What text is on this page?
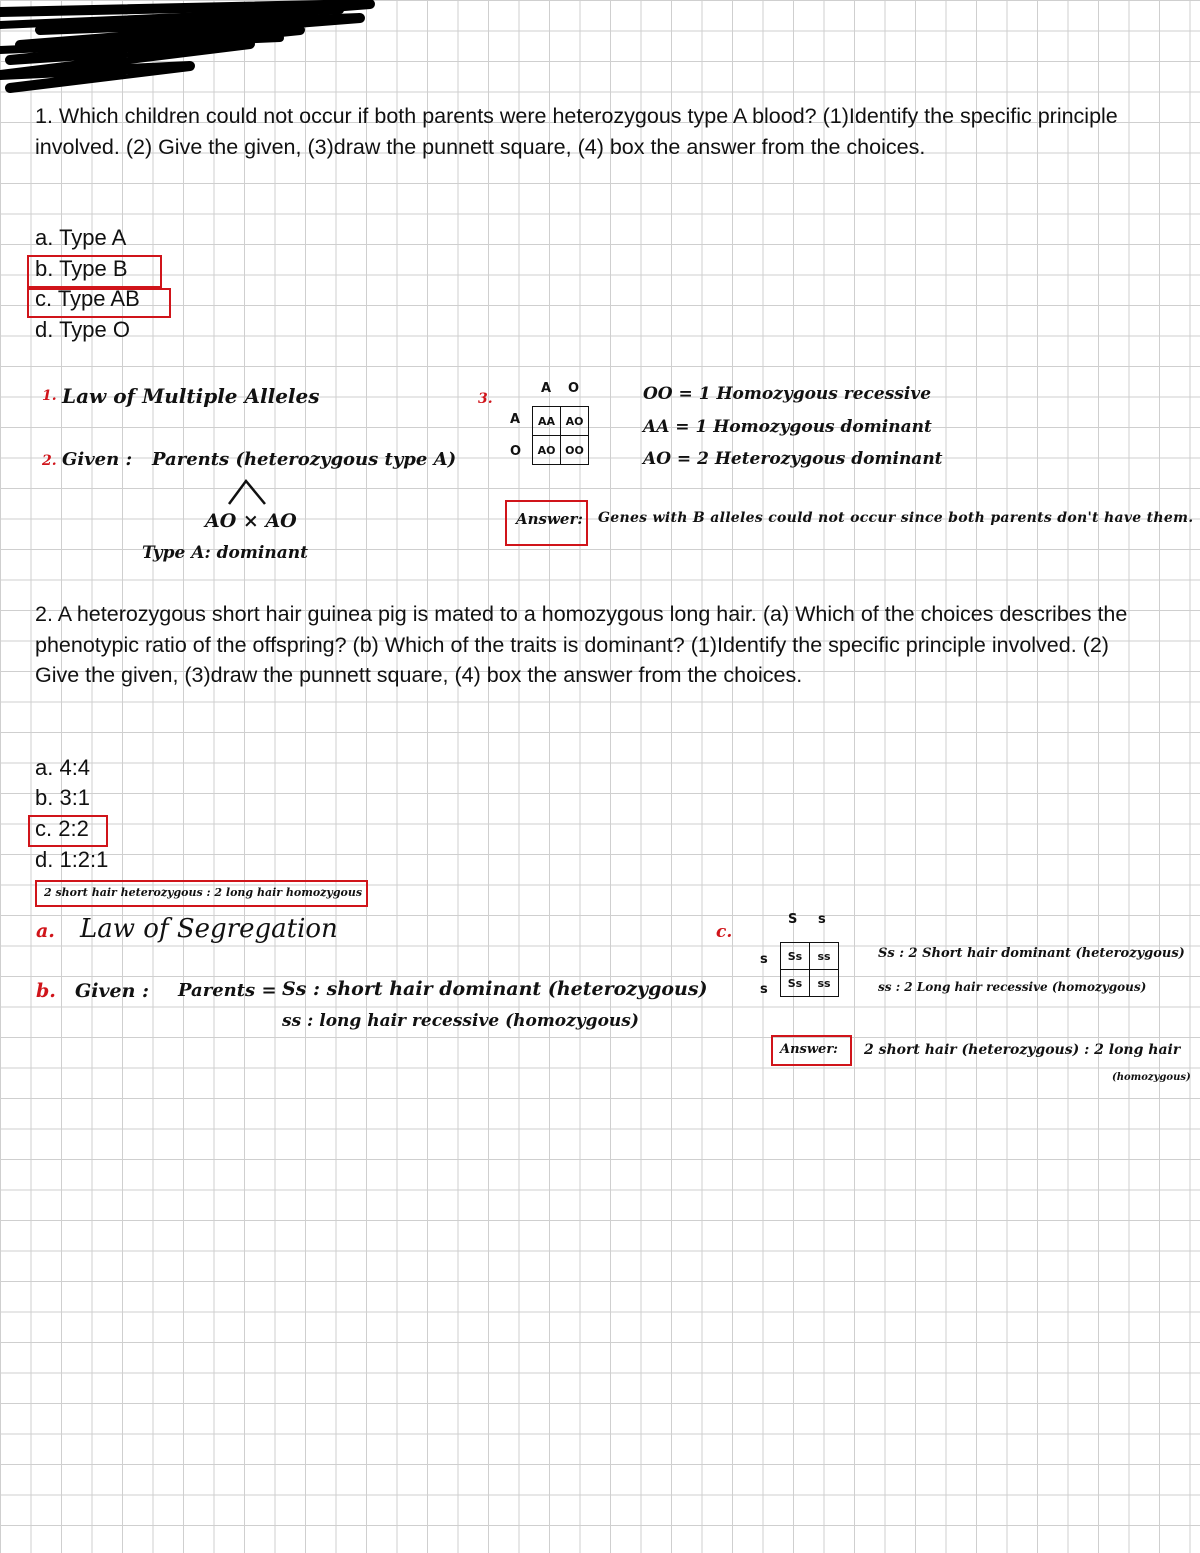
1. Which children could not occur if both parents were heterozygous type A blood? (1)Identify the specific principle involved. (2) Give the given, (3)draw the punnett square, (4) box the answer from the choices.
a. Type A
b. Type B
c. Type AB
d. Type O
1. Law of Multiple Alleles
2. Given : Parents (heterozygous type A)
AO × AO
Type A: dominant
3.
A O
A
O
AA	AO
AO	OO
OO = 1 Homozygous recessive
AA = 1 Homozygous dominant
AO = 2 Heterozygous dominant
Answer: Genes with B alleles could not occur since both parents don't have them.
2. A heterozygous short hair guinea pig is mated to a homozygous long hair. (a) Which of the choices describes the phenotypic ratio of the offspring? (b) Which of the traits is dominant? (1)Identify the specific principle involved. (2) Give the given, (3)draw the punnett square, (4) box the answer from the choices.
a. 4:4
b. 3:1
c. 2:2
d. 1:2:1
2 short hair heterozygous : 2 long hair homozygous
a. Law of Segregation
b. Given : Parents = Ss : short hair dominant (heterozygous)
ss : long hair recessive (homozygous)
c.
S s
s
s
Ss	ss
Ss	ss
Ss : 2 Short hair dominant (heterozygous)
ss : 2 Long hair recessive (homozygous)
Answer: 2 short hair (heterozygous) : 2 long hair
(homozygous)
